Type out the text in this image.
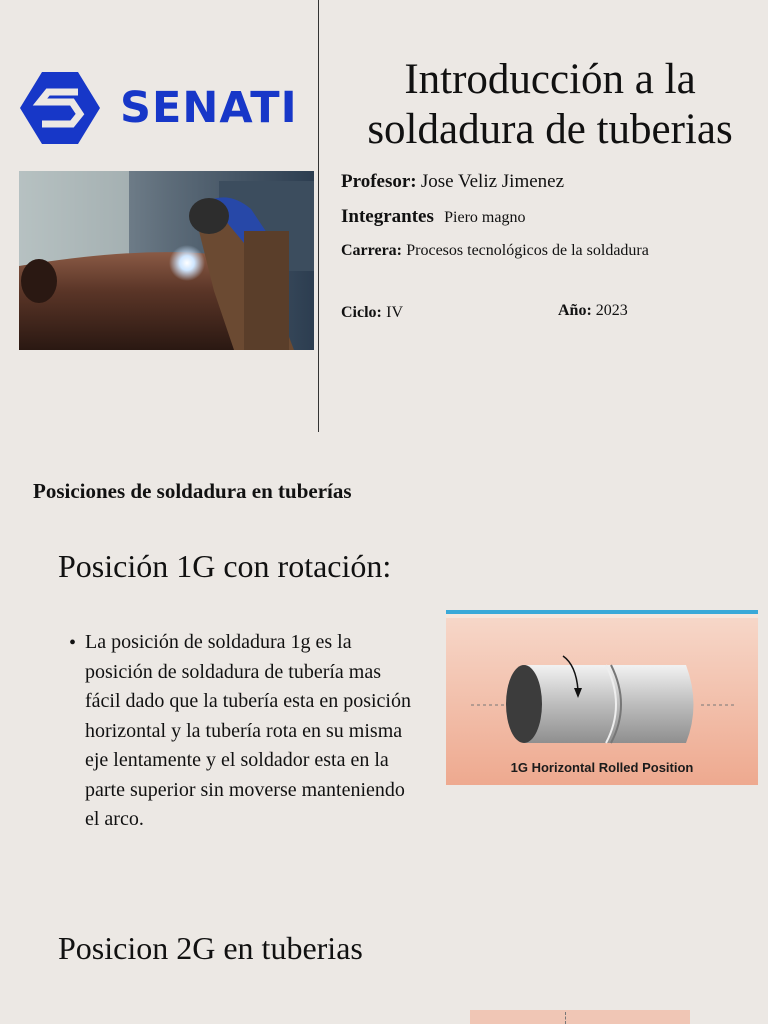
SENATI
Introducción a la
soldadura de tuberias
Profesor: Jose Veliz Jimenez
Integrantes Piero magno
Carrera: Procesos tecnológicos de la soldadura
Ciclo: IV	Año: 2023
Posiciones de soldadura en tuberías
Posición 1G con rotación:
• La posición de soldadura 1g es la posición de soldadura de tubería mas fácil dado que la tubería esta en posición horizontal y la tubería rota en su misma eje lentamente y el soldador esta en la parte superior sin moverse manteniendo el arco.
1G Horizontal Rolled Position
Posicion 2G en tuberias
